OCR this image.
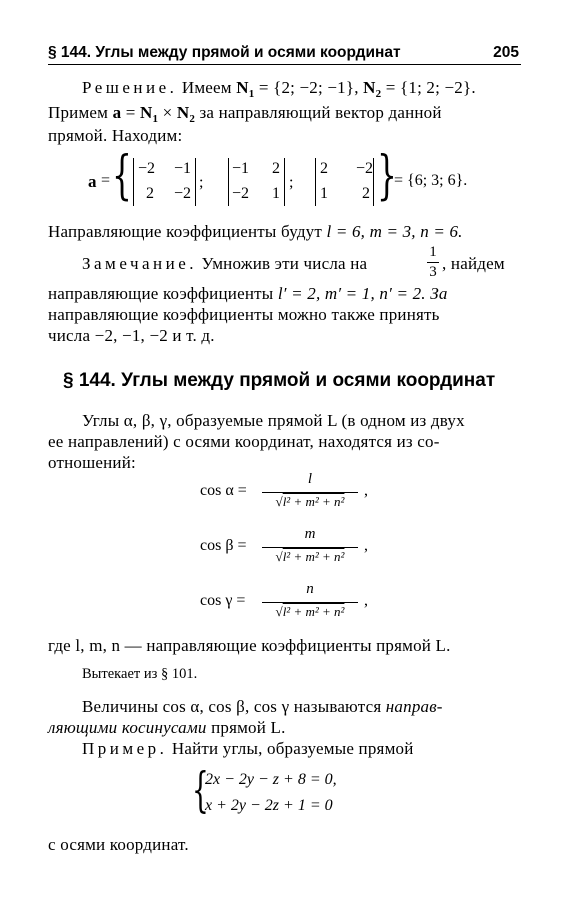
§ 144. Углы между прямой и осями координат	205
Решение. Имеем $N_1 = \{2$; −2; −1}, $N_2 = \{1$; 2; −2}.
Примем $a = N_1 \times N_2$ за направляющий вектор данной
прямой. Находим:
a = { −2 −1
2 −2
;
−1 2
−2 1
;
2 −2
1 2 }
= {6; 3; 6}.
Направляющие коэффициенты будут l = 6, m = 3, n = 6.
Замечание. Умножив эти числа на
1
3 , найдем
направляющие коэффициенты l′ = 2, m′ = 1, n′ = 2. За
направляющие коэффициенты можно также принять
числа −2, −1, −2 и т. д.
§ 144. Углы между прямой и осями координат
Углы α, β, γ, образуемые прямой L (в одном из двух
ее направлений) с осями координат, находятся из со-
отношений:
cos α =
l
√l² + m² + n²
,
cos β =
m
√l² + m² + n²
,
cos γ =
n
√l² + m² + n²
,
где l, m, n — направляющие коэффициенты прямой L.
Вытекает из § 101.
Величины cos α, cos β, cos γ называются направ-
ляющими косинусами прямой L.
Пример. Найти углы, образуемые прямой
{
2x − 2y − z + 8 = 0,
x + 2y − 2z + 1 = 0
с осями координат.
